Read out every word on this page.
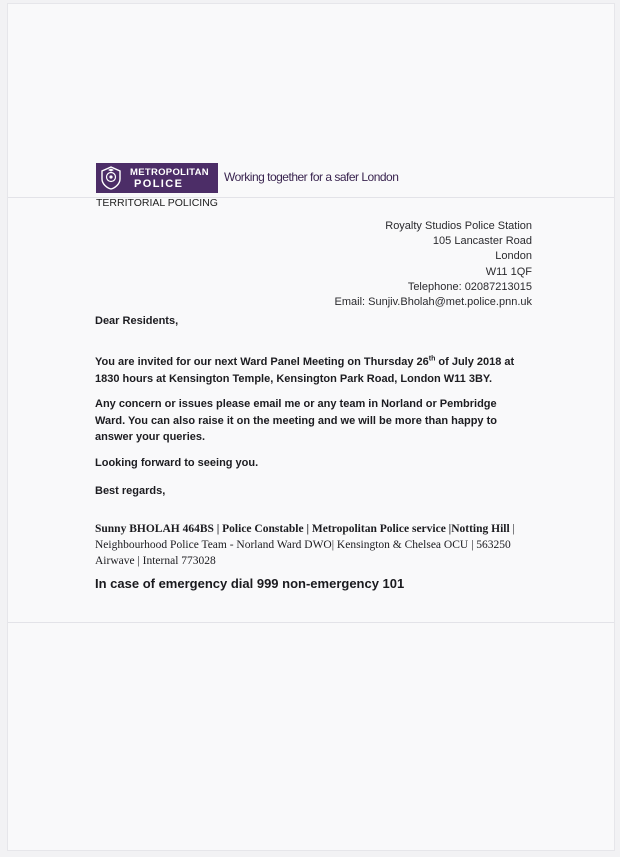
METROPOLITAN
POLICE	Working together for a safer London
TERRITORIAL POLICING
Royalty Studios Police Station
105 Lancaster Road
London
W11 1QF
Telephone: 02087213015
Email: Sunjiv.Bholah@met.police.pnn.uk
Dear Residents,
You are invited for our next Ward Panel Meeting on Thursday 26th of July 2018 at 1830 hours at Kensington Temple, Kensington Park Road, London W11 3BY.
Any concern or issues please email me or any team in Norland or Pembridge Ward. You can also raise it on the meeting and we will be more than happy to answer your queries.
Looking forward to seeing you.
Best regards,
Sunny BHOLAH 464BS | Police Constable | Metropolitan Police service |Notting Hill | Neighbourhood Police Team - Norland Ward DWO| Kensington & Chelsea OCU | 563250 Airwave | Internal 773028
In case of emergency dial 999 non-emergency 101
